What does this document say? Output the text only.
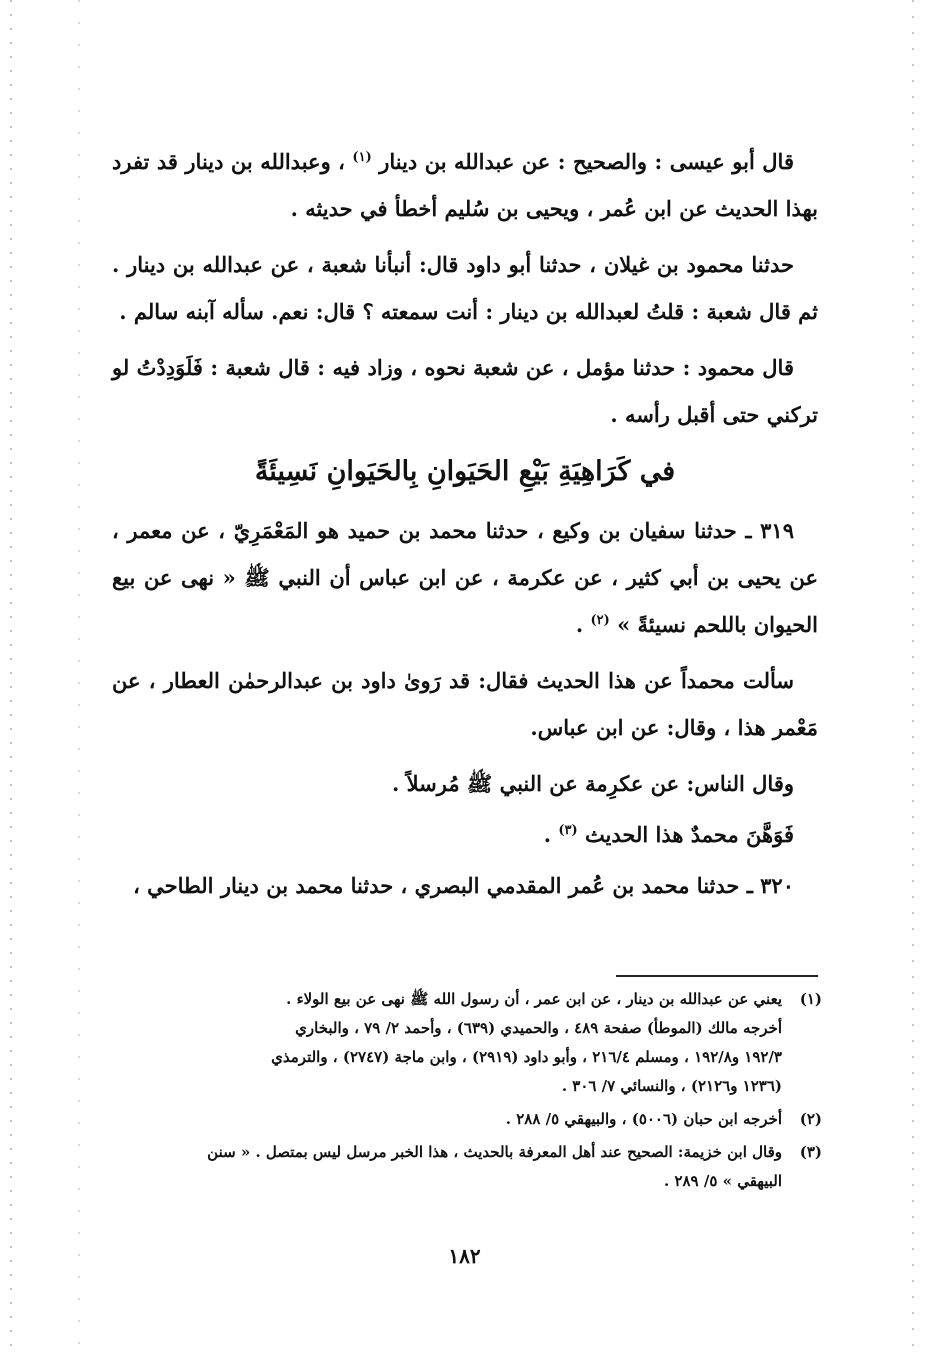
قال أبو عيسى : والصحيح : عن عبدالله بن دينار $^{(١)}$ ، وعبدالله بن دينار قد تفرد بهذا الحديث عن ابن عُمر ، ويحيى بن سُليم أخطأ في حديثه .

حدثنا محمود بن غيلان ، حدثنا أبو داود قال: أنبأنا شعبة ، عن عبدالله بن دينار . ثم قال شعبة : قلتُ لعبدالله بن دينار : أنت سمعته ؟ قال: نعم. سأله آبنه سالم .

قال محمود : حدثنا مؤمل ، عن شعبة نحوه ، وزاد فيه : قال شعبة : فَلَوَدِدْتُ لو تركني حتى أقبل رأسه .

في كَرَاهِيَةِ بَيْعِ الحَيَوانِ بِالحَيَوانِ نَسِيئَةً

٣١٩ ـ حدثنا سفيان بن وكيع ، حدثنا محمد بن حميد هو المَعْمَرِيّ ، عن معمر ، عن يحيى بن أبي كثير ، عن عكرمة ، عن ابن عباس أن النبي ﷺ « نهى عن بيع الحيوان باللحم نسيئةً » $^{(٢)}$ .

سألت محمداً عن هذا الحديث فقال: قد رَوىٰ داود بن عبدالرحمٰن العطار ، عن مَعْمر هذا ، وقال: عن ابن عباس.

وقال الناس: عن عكرِمة عن النبي ﷺ مُرسلاً .

فَوَهَّنَ محمدٌ هذا الحديث $^{(٣)}$ .

٣٢٠ ـ حدثنا محمد بن عُمر المقدمي البصري ، حدثنا محمد بن دينار الطاحي ،

(١)
يعني عن عبدالله بن دينار ، عن ابن عمر ، أن رسول الله ﷺ نهى عن بيع الولاء .
أخرجه مالك (الموطأ) صفحة ٤٨٩ ، والحميدي (٦٣٩) ، وأحمد ٢/ ٧٩ ، والبخاري
١٩٢/٣ و١٩٢/٨ ، ومسلم ٢١٦/٤ ، وأبو داود (٢٩١٩) ، وابن ماجة (٢٧٤٧) ، والترمذي
(١٢٣٦ و٢١٢٦) ، والنسائي ٧/ ٣٠٦ .
(٢)
أخرجه ابن حبان (٥٠٠٦) ، والبيهقي ٥/ ٢٨٨ .
(٣)
وقال ابن خزيمة: الصحيح عند أهل المعرفة بالحديث ، هذا الخبر مرسل ليس بمتصل . « سنن
البيهقي » ٥/ ٢٨٩ .
١٨٢
